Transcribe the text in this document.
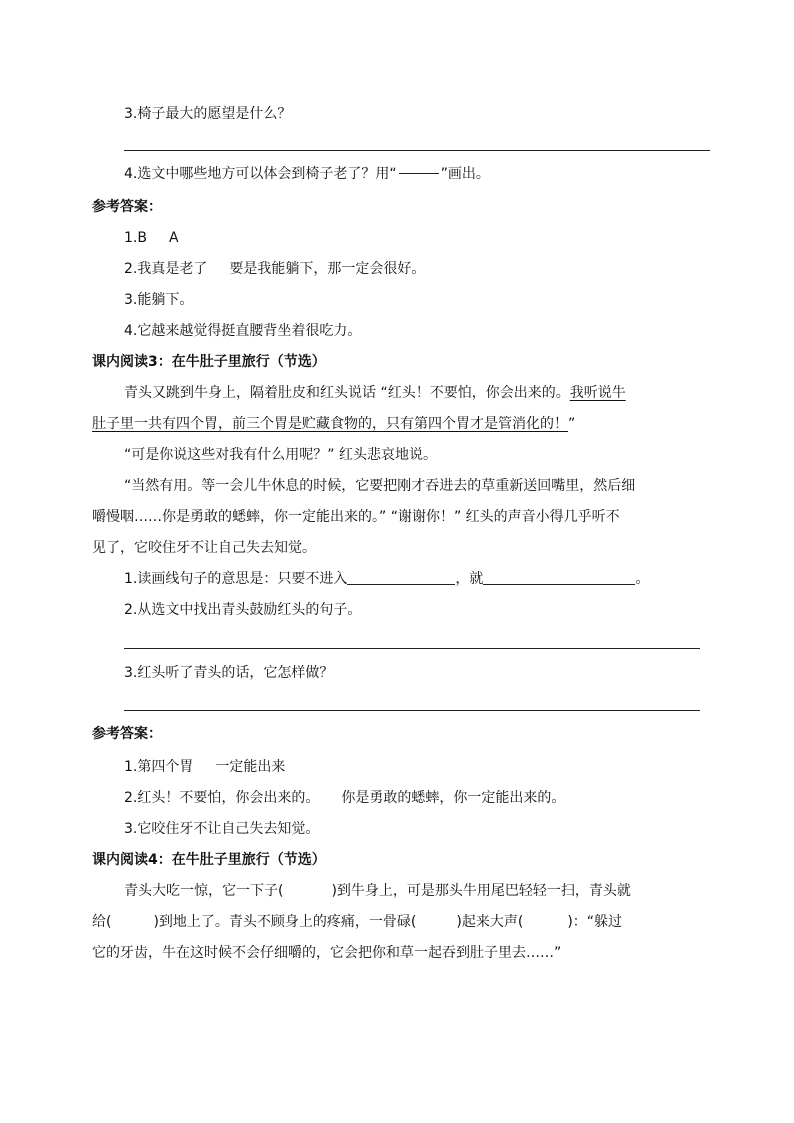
3.椅子最大的愿望是什么？
4.选文中哪些地方可以体会到椅子老了？用“	”画出。
参考答案：
1.B A
2.我真是老了 要是我能躺下，那一定会很好。
3.能躺下。
4.它越来越觉得挺直腰背坐着很吃力。
课内阅读3：在牛肚子里旅行（节选）
青头又跳到牛身上，隔着肚皮和红头说话 “红头！不要怕，你会出来的。我听说牛
肚子里一共有四个胃，前三个胃是贮藏食物的，只有第四个胃才是管消化的！”
“可是你说这些对我有什么用呢？” 红头悲哀地说。
“当然有用。等一会儿牛休息的时候，它要把刚才吞进去的草重新送回嘴里，然后细
嚼慢咽……你是勇敢的蟋蟀，你一定能出来的。” “谢谢你！” 红头的声音小得几乎听不
见了，它咬住牙不让自己失去知觉。
1.读画线句子的意思是：只要不进入	，就	。
2.从选文中找出青头鼓励红头的句子。
3.红头听了青头的话，它怎样做？
参考答案：
1.第四个胃 一定能出来
2.红头！不要怕，你会出来的。 你是勇敢的蟋蟀，你一定能出来的。
3.它咬住牙不让自己失去知觉。
课内阅读4：在牛肚子里旅行（节选）
青头大吃一惊，它一下子(	)到牛身上，可是那头牛用尾巴轻轻一扫，青头就
给(	)到地上了。青头不顾身上的疼痛，一骨碌(	)起来大声(	)：“躲过
它的牙齿，牛在这时候不会仔细嚼的，它会把你和草一起吞到肚子里去……”
